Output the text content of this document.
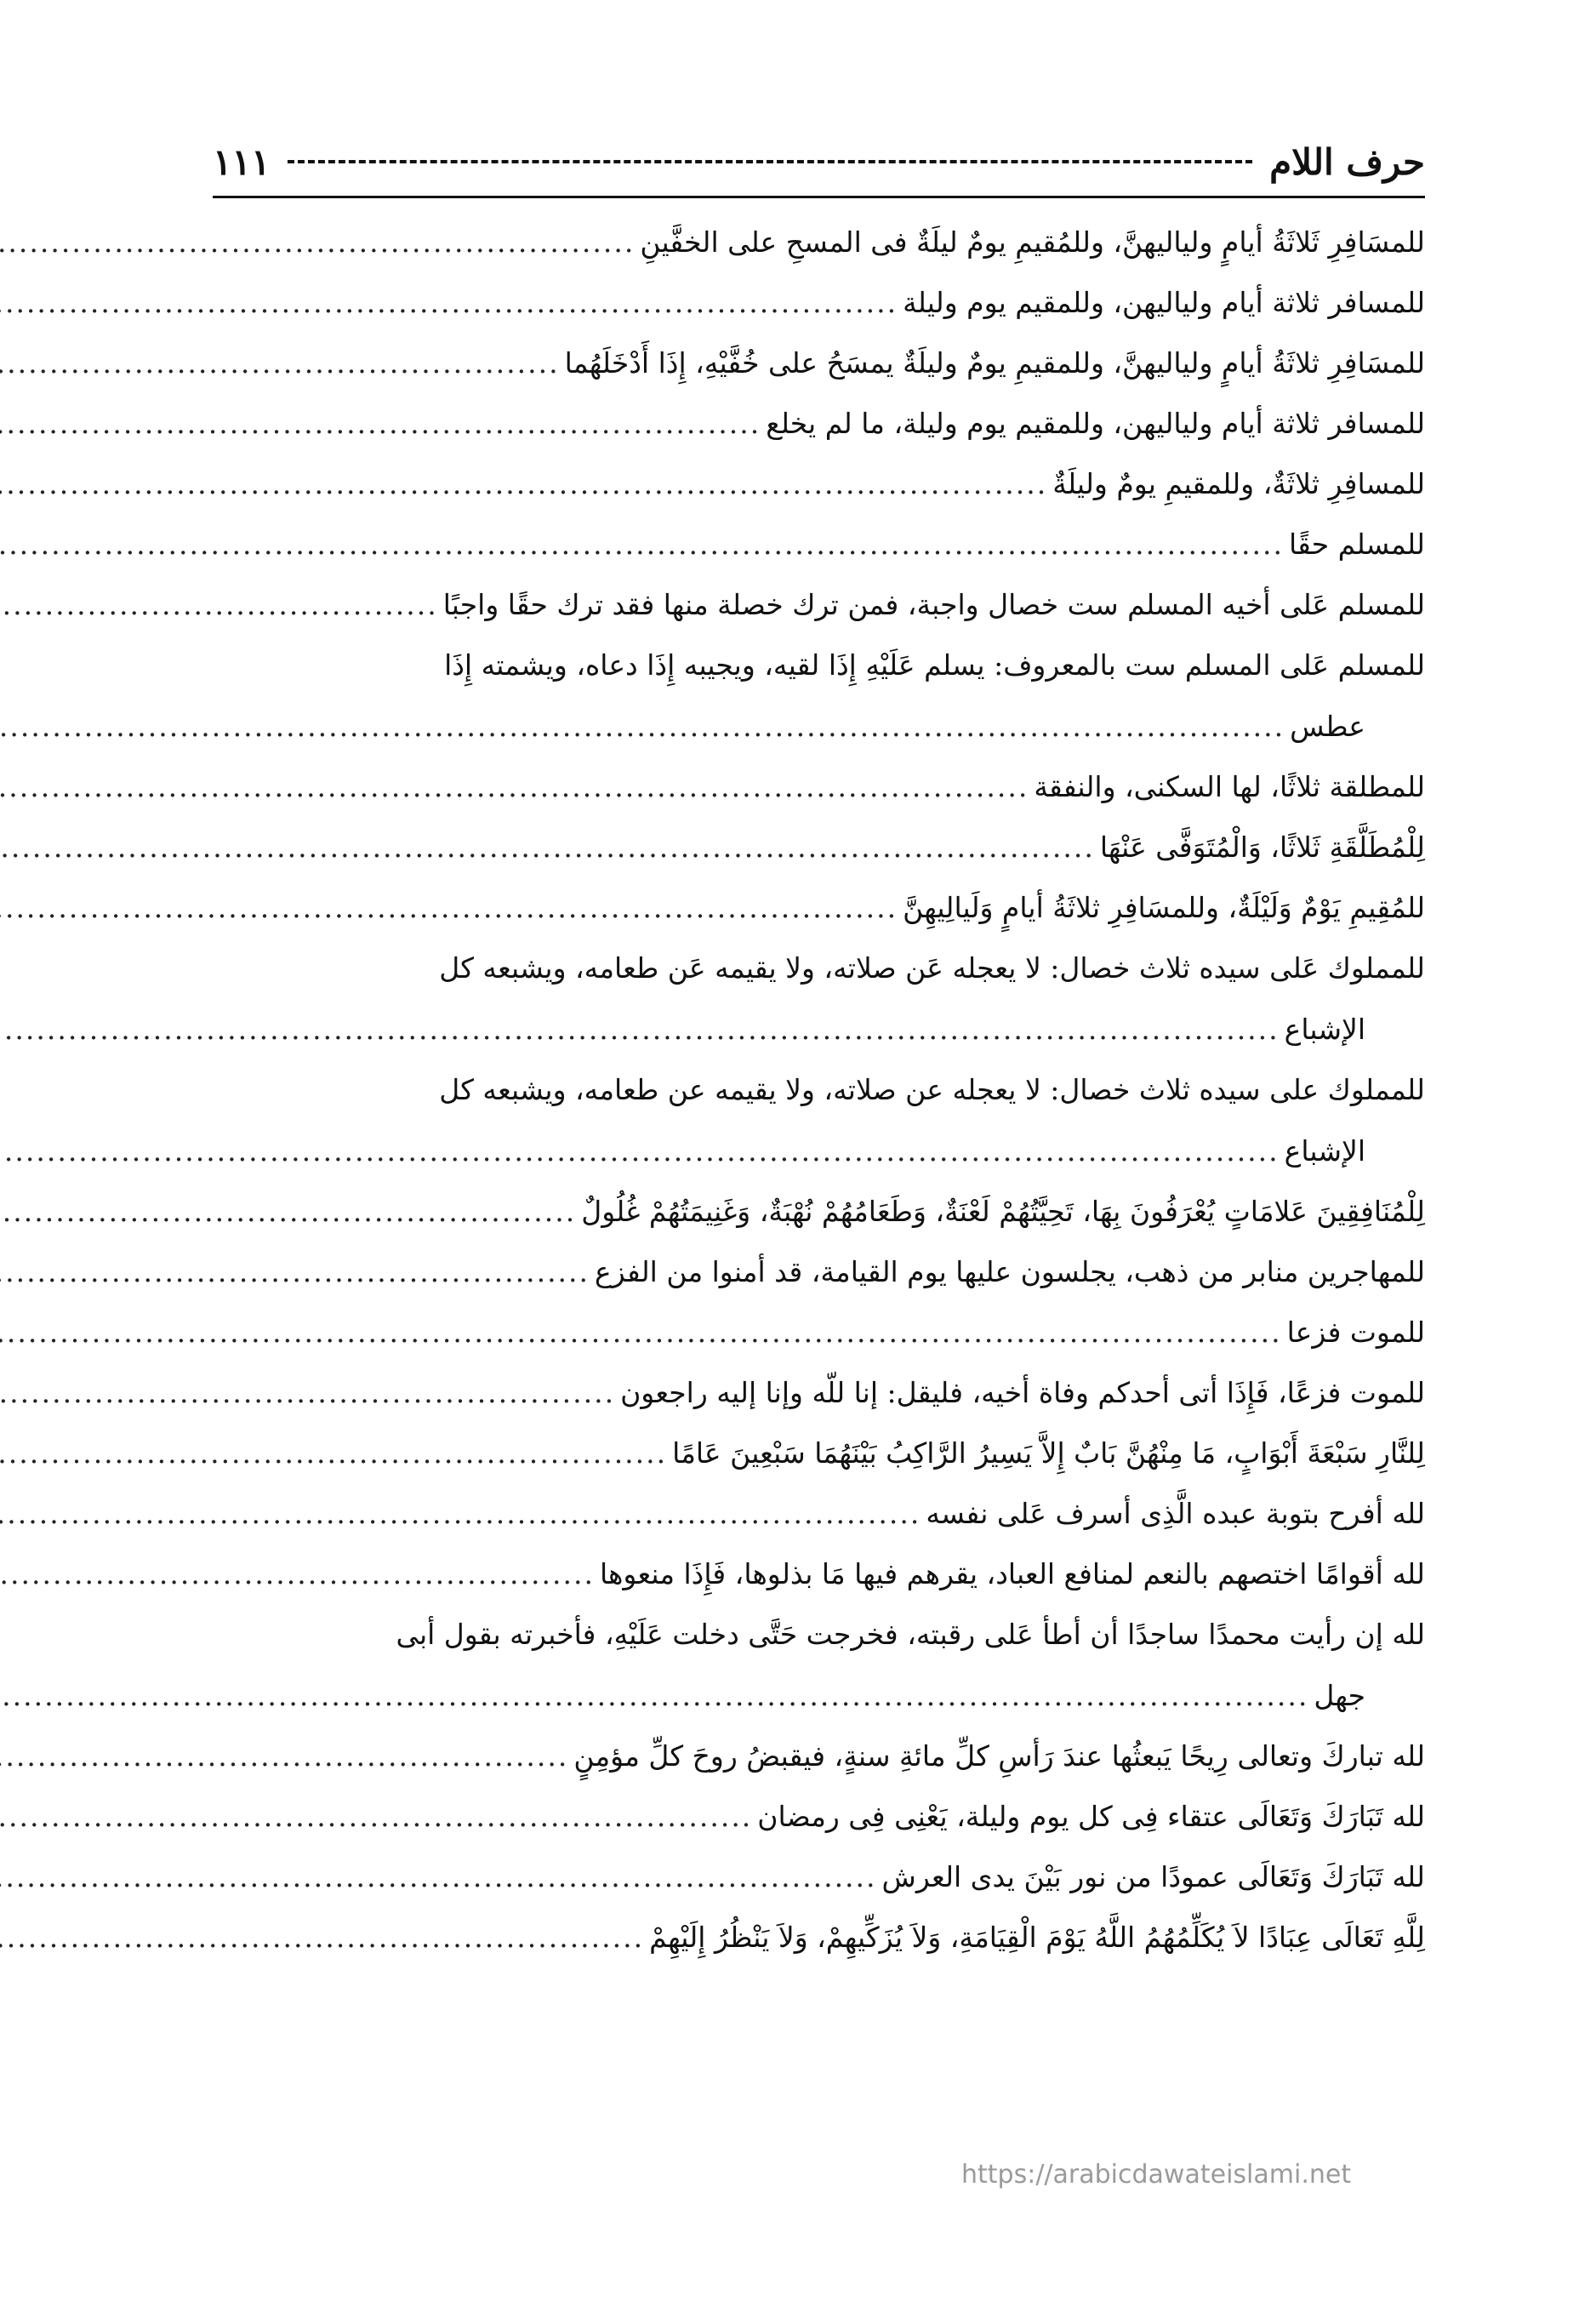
حرف اللام
١١١
للمسَافِرِ ثَلاثَةُ أيامٍ ولياليهنَّ، وللمُقيمِ يومٌ ليلَةٌ فى المسحِ على الخفَّينِ
.....
للمسافر ثلاثة أيام ولياليهن، وللمقيم يوم وليلة
.....
للمسَافِرِ ثلاثَةُ أيامٍ ولياليهنَّ، وللمقيمِ يومٌ وليلَةٌ يمسَحُ على خُفَّيْهِ، إِذَا أَدْخَلَهُما
.....
للمسافر ثلاثة أيام ولياليهن، وللمقيم يوم وليلة، ما لم يخلع
.....
للمسافِرِ ثلاثَةٌ، وللمقيمِ يومٌ وليلَةٌ
.....
للمسلم حقًا
.....
للمسلم عَلى أخيه المسلم ست خصال واجبة، فمن ترك خصلة منها فقد ترك حقًا واجبًا
.....
للمسلم عَلى المسلم ست بالمعروف: يسلم عَلَيْهِ إِذَا لقيه، ويجيبه إِذَا دعاه، ويشمته إِذَا
عطس
.....
للمطلقة ثلاثًا، لها السكنى، والنفقة
.....
لِلْمُطَلَّقَةِ ثَلاثًا، وَالْمُتَوَفَّى عَنْهَا
.....
للمُقِيمِ يَوْمٌ وَلَيْلَةٌ، وللمسَافِرِ ثلاثَةُ أيامٍ وَلَيالِيهِنَّ
.....
للمملوك عَلى سيده ثلاث خصال: لا يعجله عَن صلاته، ولا يقيمه عَن طعامه، ويشبعه كل
الإشباع
.....
للمملوك على سيده ثلاث خصال: لا يعجله عن صلاته، ولا يقيمه عن طعامه، ويشبعه كل
الإشباع
.....
لِلْمُنَافِقِينَ عَلامَاتٍ يُعْرَفُونَ بِهَا، تَحِيَّتُهُمْ لَعْنَةٌ، وَطَعَامُهُمْ نُهْبَةٌ، وَغَنِيمَتُهُمْ غُلُولٌ
.....
للمهاجرين منابر من ذهب، يجلسون عليها يوم القيامة، قد أمنوا من الفزع
.....
للموت فزعا
.....
للموت فزعًا، فَإِذَا أتى أحدكم وفاة أخيه، فليقل: إنا للّه وإنا إليه راجعون
.....
لِلنَّارِ سَبْعَةَ أَبْوَابٍ، مَا مِنْهُنَّ بَابٌ إِلاَّ يَسِيرُ الرَّاكِبُ بَيْنَهُمَا سَبْعِينَ عَامًا
.....
لله أفرح بتوبة عبده الَّذِى أسرف عَلى نفسه
.....
لله أقوامًا اختصهم بالنعم لمنافع العباد، يقرهم فيها مَا بذلوها، فَإِذَا منعوها
.....
لله إن رأيت محمدًا ساجدًا أن أطأ عَلى رقبته، فخرجت حَتَّى دخلت عَلَيْهِ، فأخبرته بقول أبى
جهل
.....
لله تباركَ وتعالى رِيحًا يَبعثُها عندَ رَأسِ كلِّ مائةِ سنةٍ، فيقبضُ روحَ كلِّ مؤمِنٍ
.....
لله تَبَارَكَ وَتَعَالَى عتقاء فِى كل يوم وليلة، يَعْنِى فِى رمضان
.....
لله تَبَارَكَ وَتَعَالَى عمودًا من نور بَيْنَ يدى العرش
.....
لِلَّهِ تَعَالَى عِبَادًا لاَ يُكَلِّمُهُمُ اللَّهُ يَوْمَ الْقِيَامَةِ، وَلاَ يُزَكِّيهِمْ، وَلاَ يَنْظُرُ إِلَيْهِمْ
.....
https://arabicdawateislami.net
